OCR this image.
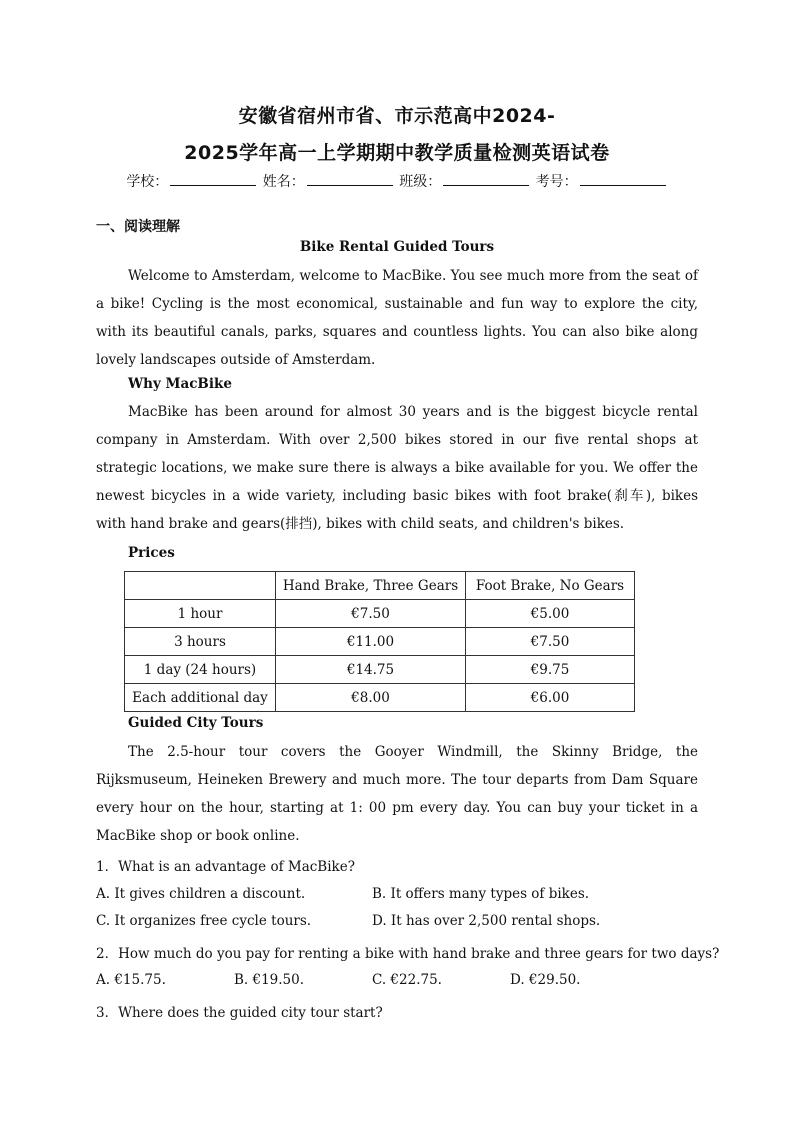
安徽省宿州市省、市示范高中2024-
2025学年高一上学期期中教学质量检测英语试卷
学校：	姓名：	班级：	考号：
一、阅读理解
Bike Rental Guided Tours

Welcome to Amsterdam, welcome to MacBike. You see much more from the seat of a bike! Cycling is the most economical, sustainable and fun way to explore the city, with its beautiful canals, parks, squares and countless lights. You can also bike along lovely landscapes outside of Amsterdam.

Why MacBike

MacBike has been around for almost 30 years and is the biggest bicycle rental company in Amsterdam. With over 2,500 bikes stored in our five rental shops at strategic locations, we make sure there is always a bike available for you. We offer the newest bicycles in a wide variety, including basic bikes with foot brake(刹车), bikes with hand brake and gears(排挡), bikes with child seats, and children's bikes.

Prices
	Hand Brake, Three Gears	Foot Brake, No Gears
1 hour	€7.50	€5.00
3 hours	€11.00	€7.50
1 day (24 hours)	€14.75	€9.75
Each additional day	€8.00	€6.00
Guided City Tours

The 2.5-hour tour covers the Gooyer Windmill, the Skinny Bridge, the Rijksmuseum, Heineken Brewery and much more. The tour departs from Dam Square every hour on the hour, starting at 1: 00 pm every day. You can buy your ticket in a MacBike shop or book online.

1．What is an advantage of MacBike?
A. It gives children a discount.	B. It offers many types of bikes.
C. It organizes free cycle tours.	D. It has over 2,500 rental shops.
2．How much do you pay for renting a bike with hand brake and three gears for two days?
A. €15.75.	B. €19.50.	C. €22.75.	D. €29.50.
3．Where does the guided city tour start?
